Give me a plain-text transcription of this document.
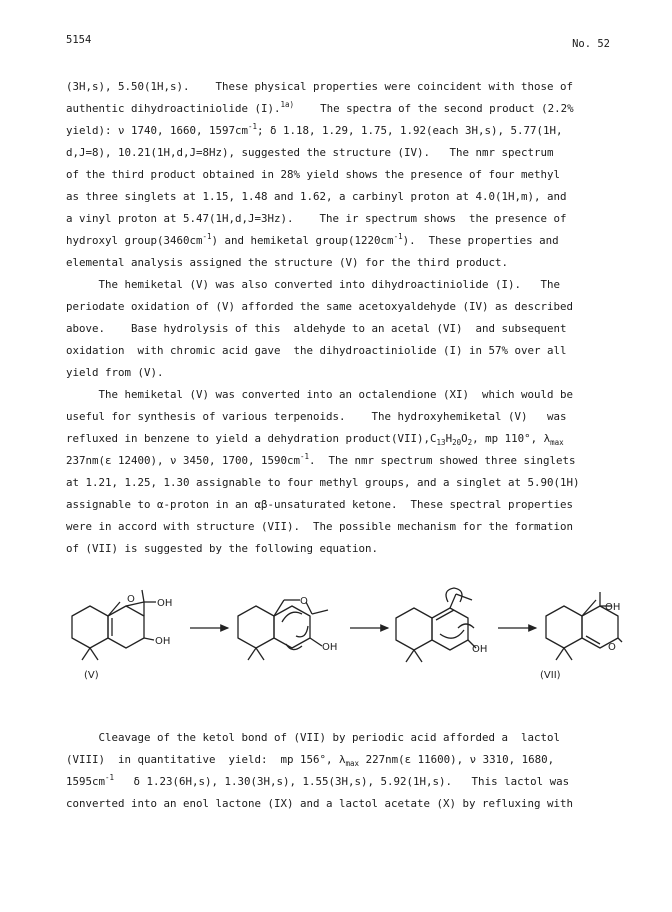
5154	No. 52
(3H,s), 5.50(1H,s).    These physical properties were coincident with those of
authentic dihydroactiniolide (I).$^{1a)}$    The spectra of the second product (2.2%
yield): ν 1740, 1660, $1597cm^{-1}$; δ 1.18, 1.29, 1.75, 1.92(each 3H,s), 5.77(1H,
d,J=8), 10.21(1H,d,J=8Hz), suggested the structure (IV).   The nmr spectrum
of the third product obtained in 28% yield shows the presence of four methyl
as three singlets at 1.15, 1.48 and 1.62, a carbinyl proton at 4.0(1H,m), and
a vinyl proton at 5.47(1H,d,J=3Hz).    The ir spectrum shows  the presence of
hydroxyl $group(3460cm^{-1})$ and hemiketal $group(1220cm^{-1})$.  These properties and
elemental analysis assigned the structure (V) for the third product.
The hemiketal (V) was also converted into dihydroactiniolide (I).   The
periodate oxidation of (V) afforded the same acetoxyaldehyde (IV) as described
above.    Base hydrolysis of this  aldehyde to an acetal (VI)  and subsequent
oxidation  with chromic acid gave  the dihydroactiniolide (I) in 57% over all
yield from (V).
The hemiketal (V) was converted into an octalendione (XI)  which would be
useful for synthesis of various terpenoids.    The hydroxyhemiketal (V)   was
refluxed in benzene to yield a dehydration $product(VII),C_{13}H_{20}O_2$, mp 110°, $\lambda_{max}$
237nm(ε 12400), ν 3450, 1700, $1590cm^{-1}$.  The nmr spectrum showed three singlets
at 1.21, 1.25, 1.30 assignable to four methyl groups, and a singlet at 5.90(1H)
assignable to α-proton in an αβ-unsaturated ketone.  These spectral properties
were in accord with structure (VII).  The possible mechanism for the formation
of (VII) is suggested by the following equation.
OH
OH
O	O
OH	OH
OH
O
(V)	(VII)
Cleavage of the ketol bond of (VII) by periodic acid afforded a  lactol
(VIII)  in quantitative  yield:  mp 156°, $\lambda_{max}$ 227nm(ε 11600), ν 3310, 1680,
$1595cm^{-1}$   δ 1.23(6H,s), 1.30(3H,s), 1.55(3H,s), 5.92(1H,s).   This lactol was
converted into an enol lactone (IX) and a lactol acetate (X) by refluxing with
